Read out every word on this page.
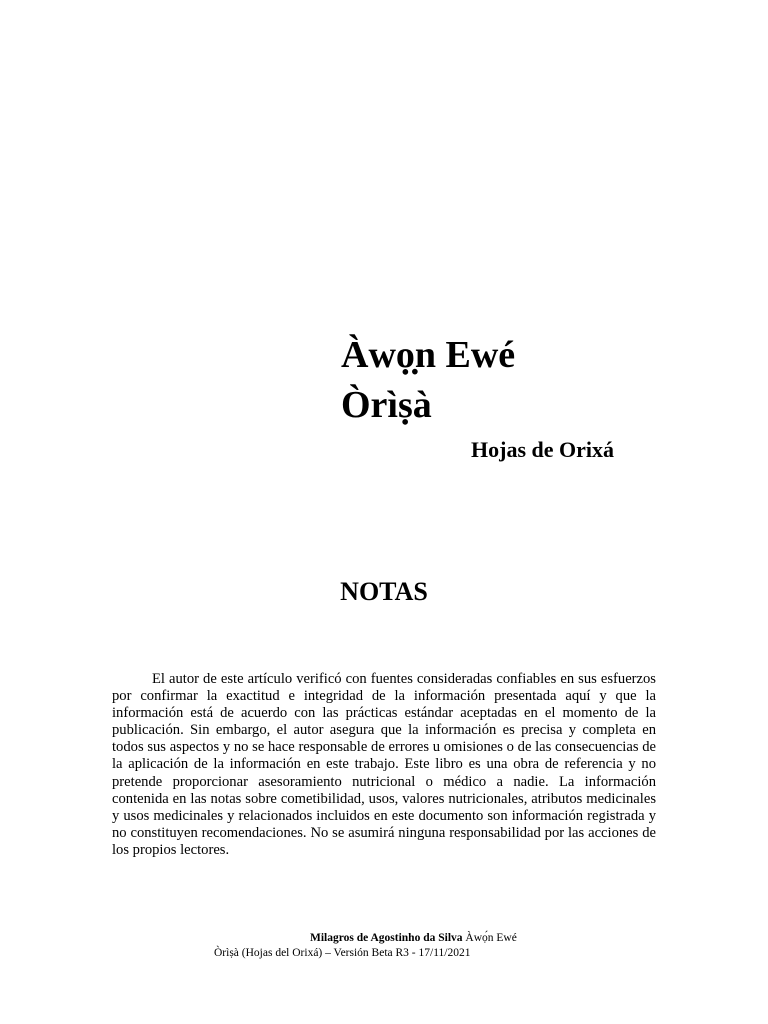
Àwọ̣n Ewé
Òrìṣà
Hojas de Orixá
NOTAS

El autor de este artículo verificó con fuentes consideradas confiables en sus esfuerzos por confirmar la exactitud e integridad de la información presentada aquí y que la información está de acuerdo con las prácticas estándar aceptadas en el momento de la publicación. Sin embargo, el autor asegura que la información es precisa y completa en todos sus aspectos y no se hace responsable de errores u omisiones o de las consecuencias de la aplicación de la información en este trabajo. Este libro es una obra de referencia y no pretende proporcionar asesoramiento nutricional o médico a nadie. La información contenida en las notas sobre cometibilidad, usos, valores nutricionales, atributos medicinales y usos medicinales y relacionados incluidos en este documento son información registrada y no constituyen recomendaciones. No se asumirá ninguna responsabilidad por las acciones de los propios lectores.

Milagros de Agostinho da Silva Àwọ́n Ewé
Òrìṣà (Hojas del Orixá) – Versión Beta R3 - 17/11/2021
